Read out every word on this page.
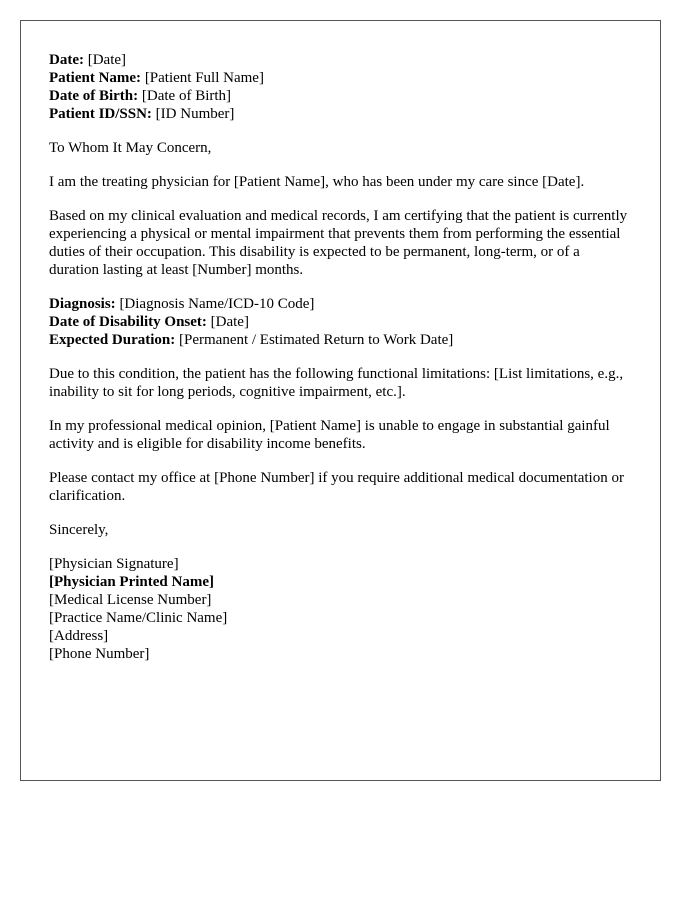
Date: [Date]

Patient Name: [Patient Full Name]

Date of Birth: [Date of Birth]

Patient ID/SSN: [ID Number]

To Whom It May Concern,

I am the treating physician for [Patient Name], who has been under my care since [Date].

Based on my clinical evaluation and medical records, I am certifying that the patient is currently experiencing a physical or mental impairment that prevents them from performing the essential duties of their occupation. This disability is expected to be permanent, long-term, or of a duration lasting at least [Number] months.

Diagnosis: [Diagnosis Name/ICD-10 Code]

Date of Disability Onset: [Date]

Expected Duration: [Permanent / Estimated Return to Work Date]

Due to this condition, the patient has the following functional limitations: [List limitations, e.g., inability to sit for long periods, cognitive impairment, etc.].

In my professional medical opinion, [Patient Name] is unable to engage in substantial gainful activity and is eligible for disability income benefits.

Please contact my office at [Phone Number] if you require additional medical documentation or clarification.

Sincerely,

[Physician Signature]

[Physician Printed Name]

[Medical License Number]

[Practice Name/Clinic Name]

[Address]

[Phone Number]
